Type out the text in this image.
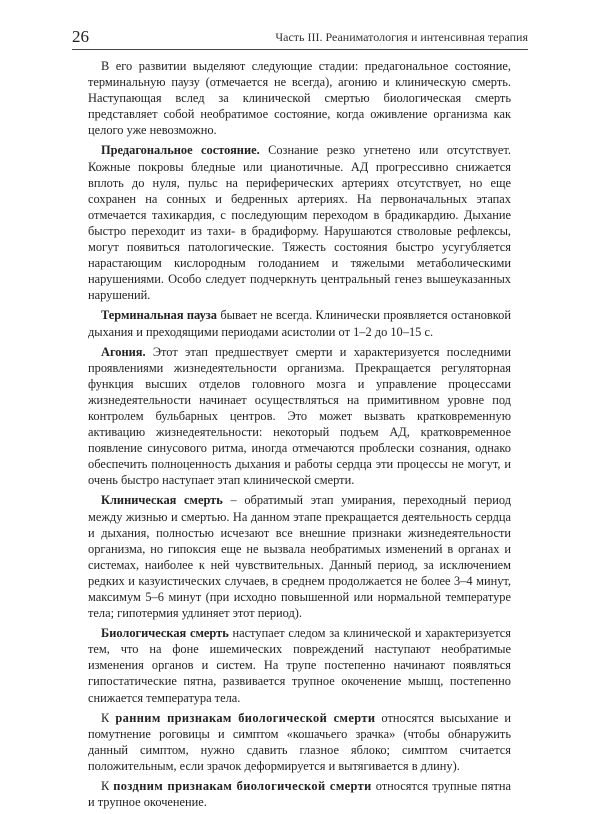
26	Часть III. Реаниматология и интенсивная терапия

В его развитии выделяют следующие стадии: предагональное состояние, терминальную паузу (отмечается не всегда), агонию и клиническую смерть. Наступающая вслед за клинической смертью биологическая смерть представляет собой необратимое состояние, когда оживление организма как целого уже невозможно.

Предагональное состояние. Сознание резко угнетено или отсутствует. Кожные покровы бледные или цианотичные. АД прогрессивно снижается вплоть до нуля, пульс на периферических артериях отсутствует, но еще сохранен на сонных и бедренных артериях. На первоначальных этапах отмечается тахикардия, с последующим переходом в брадикардию. Дыхание быстро переходит из тахи- в брадиформу. Нарушаются стволовые рефлексы, могут появиться патологические. Тяжесть состояния быстро усугубляется нарастающим кислородным голоданием и тяжелыми метаболическими нарушениями. Особо следует подчеркнуть центральный генез вышеуказанных нарушений.

Терминальная пауза бывает не всегда. Клинически проявляется остановкой дыхания и преходящими периодами асистолии от 1–2 до 10–15 с.

Агония. Этот этап предшествует смерти и характеризуется последними проявлениями жизнедеятельности организма. Прекращается регуляторная функция высших отделов головного мозга и управление процессами жизнедеятельности начинает осуществляться на примитивном уровне под контролем бульбарных центров. Это может вызвать кратковременную активацию жизнедеятельности: некоторый подъем АД, кратковременное появление синусового ритма, иногда отмечаются проблески сознания, однако обеспечить полноценность дыхания и работы сердца эти процессы не могут, и очень быстро наступает этап клинической смерти.

Клиническая смерть – обратимый этап умирания, переходный период между жизнью и смертью. На данном этапе прекращается деятельность сердца и дыхания, полностью исчезают все внешние признаки жизнедеятельности организма, но гипоксия еще не вызвала необратимых изменений в органах и системах, наиболее к ней чувствительных. Данный период, за исключением редких и казуистических случаев, в среднем продолжается не более 3–4 минут, максимум 5–6 минут (при исходно повышенной или нормальной температуре тела; гипотермия удлиняет этот период).

Биологическая смерть наступает следом за клинической и характеризуется тем, что на фоне ишемических повреждений наступают необратимые изменения органов и систем. На трупе постепенно начинают появляться гипостатические пятна, развивается трупное окоченение мышц, постепенно снижается температура тела.

К ранним признакам биологической смерти относятся высыхание и помутнение роговицы и симптом «кошачьего зрачка» (чтобы обнаружить данный симптом, нужно сдавить глазное яблоко; симптом считается положительным, если зрачок деформируется и вытягивается в длину).

К поздним признакам биологической смерти относятся трупные пятна и трупное окоченение.
